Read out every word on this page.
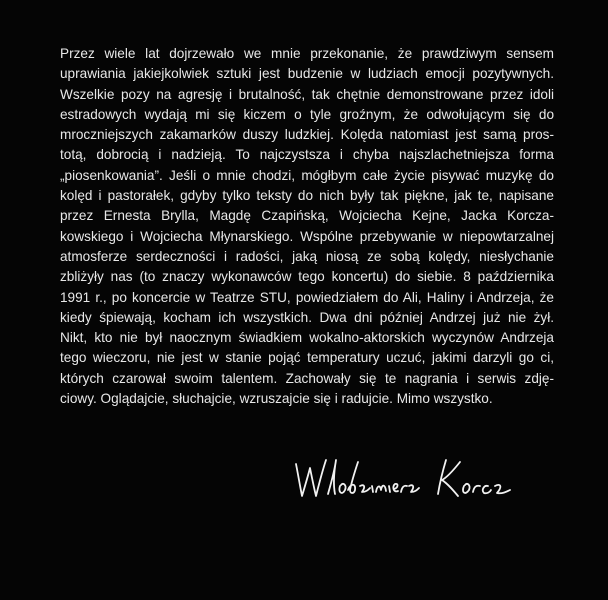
Przez wiele lat dojrzewało we mnie przekonanie, że prawdziwym sensem
uprawiania jakiejkolwiek sztuki jest budzenie w ludziach emocji pozytywnych.
Wszelkie pozy na agresję i brutalność, tak chętnie demonstrowane przez idoli
estradowych wydają mi się kiczem o tyle groźnym, że odwołującym się do
mroczniejszych zakamarków duszy ludzkiej. Kolęda natomiast jest samą pros-
totą, dobrocią i nadzieją. To najczystsza i chyba najszlachetniejsza forma
„piosenkowania”. Jeśli o mnie chodzi, mógłbym całe życie pisywać muzykę do
kolęd i pastorałek, gdyby tylko teksty do nich były tak piękne, jak te, napisane
przez Ernesta Brylla, Magdę Czapińską, Wojciecha Kejne, Jacka Korcza-
kowskiego i Wojciecha Młynarskiego. Wspólne przebywanie w niepowtarzalnej
atmosferze serdeczności i radości, jaką niosą ze sobą kolędy, niesłychanie
zbliżyły nas (to znaczy wykonawców tego koncertu) do siebie. 8 października
1991 r., po koncercie w Teatrze STU, powiedziałem do Ali, Haliny i Andrzeja, że
kiedy śpiewają, kocham ich wszystkich. Dwa dni później Andrzej już nie żył.
Nikt, kto nie był naocznym świadkiem wokalno-aktorskich wyczynów Andrzeja
tego wieczoru, nie jest w stanie pojąć temperatury uczuć, jakimi darzyli go ci,
których czarował swoim talentem. Zachowały się te nagrania i serwis zdję-
ciowy. Oglądajcie, słuchajcie, wzruszajcie się i radujcie. Mimo wszystko.
